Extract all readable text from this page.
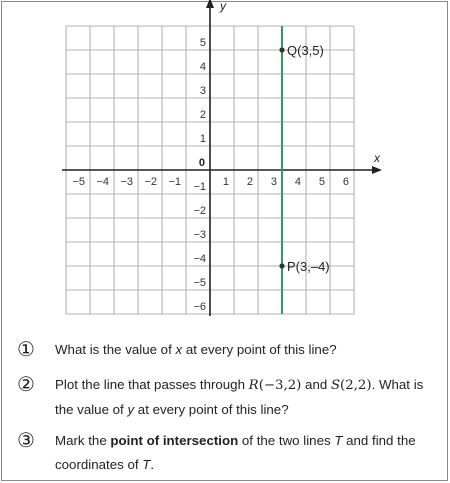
x
y
0
−5 −4 −3 −2 −1	1 2 3 4 5 6
5
4
3
2
1
−1
−2
−3
−4
−5
−6
Q(3,5)
P(3,–4)
① What is the value of x at every point of this line?
② Plot the line that passes through R(−3,2) and S(2,2). What is the value of y at every point of this line?
③ Mark the point of intersection of the two lines T and find the coordinates of T.
